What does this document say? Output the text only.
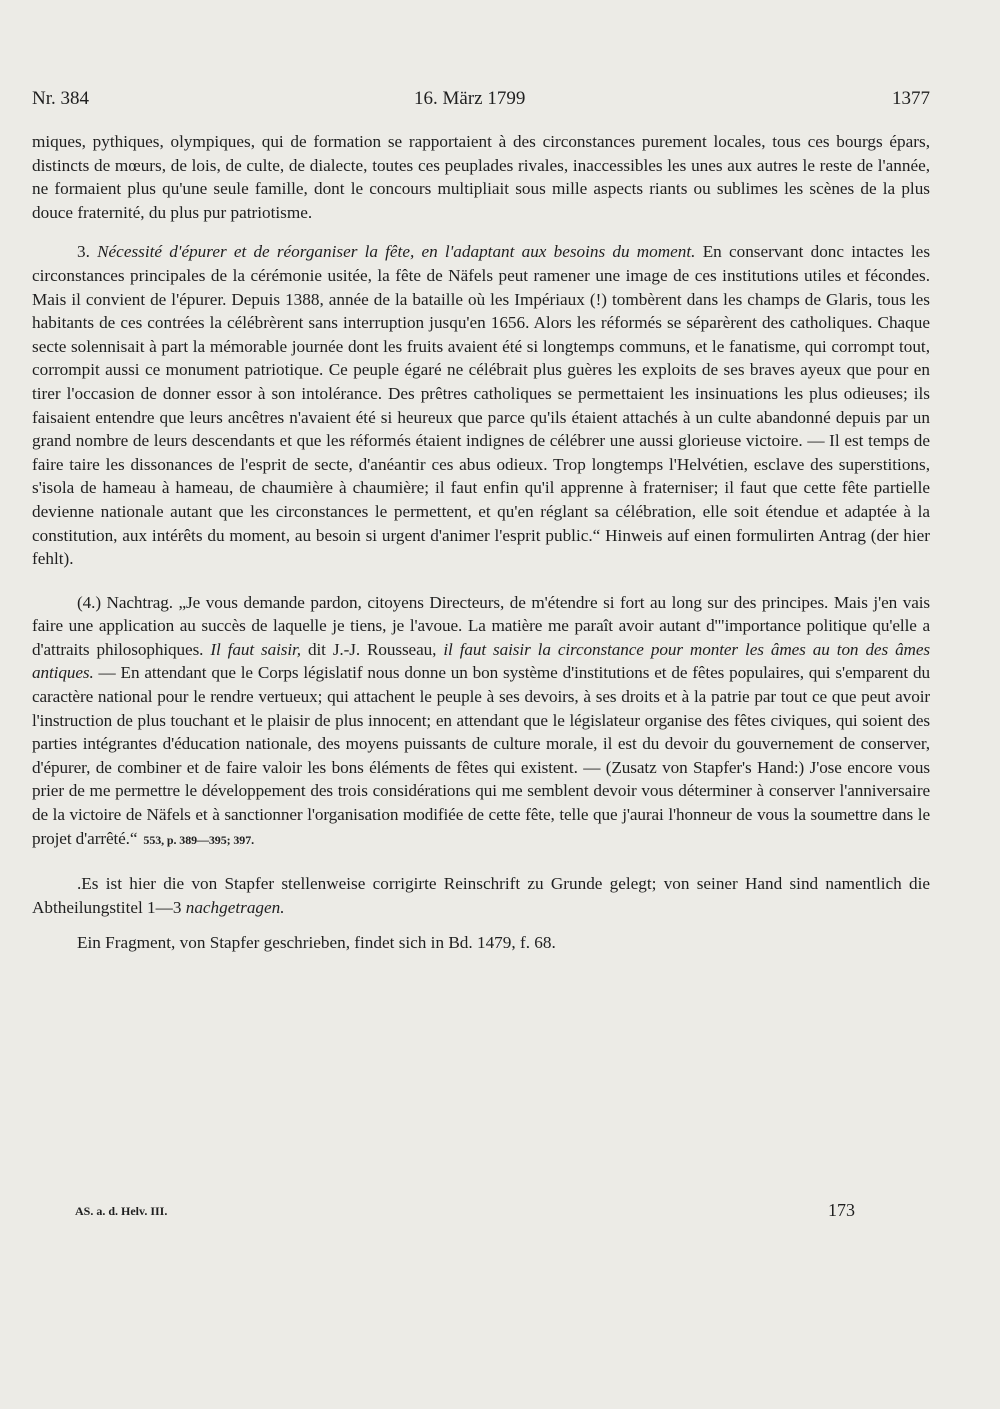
Nr. 384	16. März 1799	1377

miques, pythiques, olympiques, qui de formation se rapportaient à des circonstances purement locales, tous ces bourgs épars, distincts de mœurs, de lois, de culte, de dialecte, toutes ces peuplades rivales, inaccessibles les unes aux autres le reste de l'année, ne formaient plus qu'une seule famille, dont le concours multipliait sous mille aspects riants ou sublimes les scènes de la plus douce fraternité, du plus pur patriotisme.

3. Nécessité d'épurer et de réorganiser la fête, en l'adaptant aux besoins du moment. En conservant donc intactes les circonstances principales de la cérémonie usitée, la fête de Näfels peut ramener une image de ces institutions utiles et fécondes. Mais il convient de l'épurer. Depuis 1388, année de la bataille où les Impériaux (!) tombèrent dans les champs de Glaris, tous les habitants de ces contrées la célébrèrent sans interruption jusqu'en 1656. Alors les réformés se séparèrent des catholiques. Chaque secte solennisait à part la mémorable journée dont les fruits avaient été si longtemps communs, et le fanatisme, qui corrompt tout, corrompit aussi ce monument patriotique. Ce peuple égaré ne célébrait plus guères les exploits de ses braves ayeux que pour en tirer l'occasion de donner essor à son intolérance. Des prêtres catholiques se permettaient les insinuations les plus odieuses; ils faisaient entendre que leurs ancêtres n'avaient été si heureux que parce qu'ils étaient attachés à un culte abandonné depuis par un grand nombre de leurs descendants et que les réformés étaient indignes de célébrer une aussi glorieuse victoire. — Il est temps de faire taire les dissonances de l'esprit de secte, d'anéantir ces abus odieux. Trop longtemps l'Helvétien, esclave des superstitions, s'isola de hameau à hameau, de chaumière à chaumière; il faut enfin qu'il apprenne à fraterniser; il faut que cette fête partielle devienne nationale autant que les circonstances le permettent, et qu'en réglant sa célébration, elle soit étendue et adaptée à la constitution, aux intérêts du moment, au besoin si urgent d'animer l'esprit public.“ Hinweis auf einen formulirten Antrag (der hier fehlt).

(4.) Nachtrag. „Je vous demande pardon, citoyens Directeurs, de m'étendre si fort au long sur des principes. Mais j'en vais faire une application au succès de laquelle je tiens, je l'avoue. La matière me paraît avoir autant d'"importance politique qu'elle a d'attraits philosophiques. Il faut saisir, dit J.-J. Rousseau, il faut saisir la circonstance pour monter les âmes au ton des âmes antiques. — En attendant que le Corps législatif nous donne un bon système d'institutions et de fêtes populaires, qui s'emparent du caractère national pour le rendre vertueux; qui attachent le peuple à ses devoirs, à ses droits et à la patrie par tout ce que peut avoir l'instruction de plus touchant et le plaisir de plus innocent; en attendant que le législateur organise des fêtes civiques, qui soient des parties intégrantes d'éducation nationale, des moyens puissants de culture morale, il est du devoir du gouvernement de conserver, d'épurer, de combiner et de faire valoir les bons éléments de fêtes qui existent. — (Zusatz von Stapfer's Hand:) J'ose encore vous prier de me permettre le développement des trois considérations qui me semblent devoir vous déterminer à conserver l'anniversaire de la victoire de Näfels et à sanctionner l'organisation modifiée de cette fête, telle que j'aurai l'honneur de vous la soumettre dans le projet d'arrêté.“ 553, p. 389—395; 397.

.Es ist hier die von Stapfer stellenweise corrigirte Reinschrift zu Grunde gelegt; von seiner Hand sind namentlich die Abtheilungstitel 1—3 nachgetragen.

Ein Fragment, von Stapfer geschrieben, findet sich in Bd. 1479, f. 68.

AS. a. d. Helv. III.	173
